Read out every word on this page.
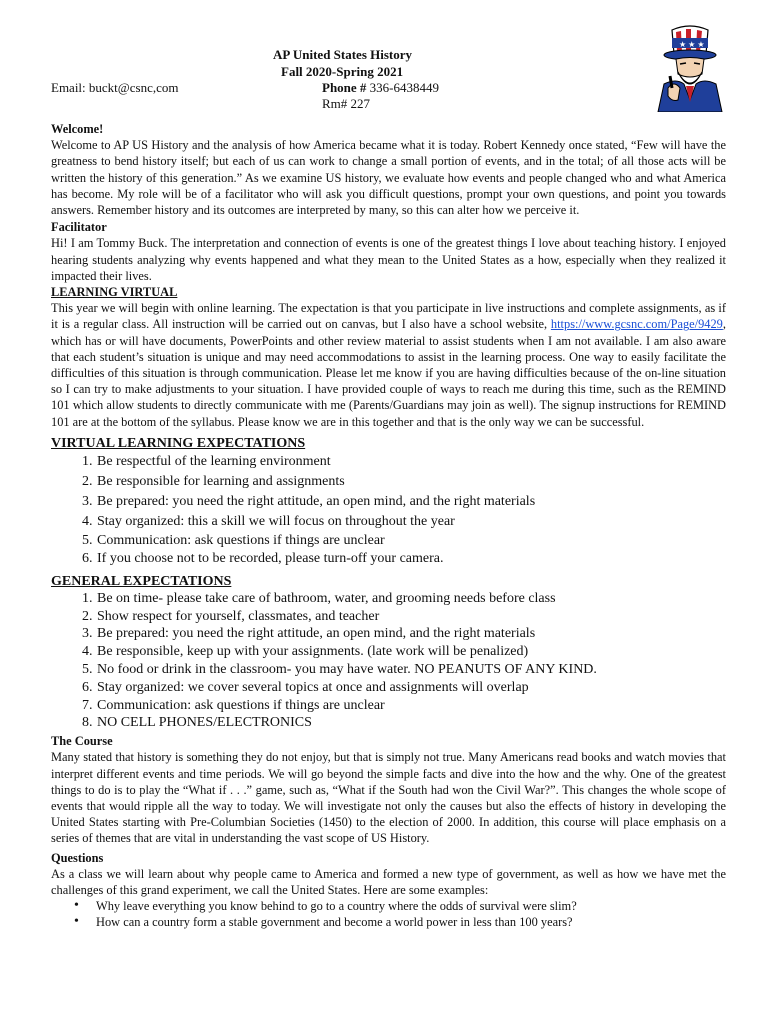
AP United States History
Fall 2020-Spring 2021
Email: buckt@csnc,com	Phone # 336-6438449
Rm# 227
★ ★ ★
Welcome!

Welcome to AP US History and the analysis of how America became what it is today. Robert Kennedy once stated, “Few will have the greatness to bend history itself; but each of us can work to change a small portion of events, and in the total; of all those acts will be written the history of this generation.” As we examine US history, we evaluate how events and people changed who and what America has become. My role will be of a facilitator who will ask you difficult questions, prompt your own questions, and point you towards answers. Remember history and its outcomes are interpreted by many, so this can alter how we perceive it.

Facilitator

Hi! I am Tommy Buck. The interpretation and connection of events is one of the greatest things I love about teaching history. I enjoyed hearing students analyzing why events happened and what they mean to the United States as a how, especially when they realized it impacted their lives.

LEARNING VIRTUAL

This year we will begin with online learning. The expectation is that you participate in live instructions and complete assignments, as if it is a regular class. All instruction will be carried out on canvas, but I also have a school website, https://www.gcsnc.com/Page/9429, which has or will have documents, PowerPoints and other review material to assist students when I am not available. I am also aware that each student’s situation is unique and may need accommodations to assist in the learning process. One way to easily facilitate the difficulties of this situation is through communication. Please let me know if you are having difficulties because of the on-line situation so I can try to make adjustments to your situation. I have provided couple of ways to reach me during this time, such as the REMIND 101 which allow students to directly communicate with me (Parents/Guardians may join as well). The signup instructions for REMIND 101 are at the bottom of the syllabus. Please know we are in this together and that is the only way we can be successful.

VIRTUAL LEARNING EXPECTATIONS
1. Be respectful of the learning environment
2. Be responsible for learning and assignments
3. Be prepared: you need the right attitude, an open mind, and the right materials
4. Stay organized: this a skill we will focus on throughout the year
5. Communication: ask questions if things are unclear
6. If you choose not to be recorded, please turn-off your camera.
GENERAL EXPECTATIONS
1. Be on time- please take care of bathroom, water, and grooming needs before class
2. Show respect for yourself, classmates, and teacher
3. Be prepared: you need the right attitude, an open mind, and the right materials
4. Be responsible, keep up with your assignments. (late work will be penalized)
5. No food or drink in the classroom- you may have water. NO PEANUTS OF ANY KIND.
6. Stay organized: we cover several topics at once and assignments will overlap
7. Communication: ask questions if things are unclear
8. NO CELL PHONES/ELECTRONICS
The Course

Many stated that history is something they do not enjoy, but that is simply not true. Many Americans read books and watch movies that interpret different events and time periods. We will go beyond the simple facts and dive into the how and the why. One of the greatest things to do is to play the “What if . . .” game, such as, “What if the South had won the Civil War?”. This changes the whole scope of events that would ripple all the way to today. We will investigate not only the causes but also the effects of history in developing the United States starting with Pre-Columbian Societies (1450) to the election of 2000. In addition, this course will place emphasis on a series of themes that are vital in understanding the vast scope of US History.

Questions

As a class we will learn about why people came to America and formed a new type of government, as well as how we have met the challenges of this grand experiment, we call the United States. Here are some examples:

• Why leave everything you know behind to go to a country where the odds of survival were slim?
• How can a country form a stable government and become a world power in less than 100 years?
